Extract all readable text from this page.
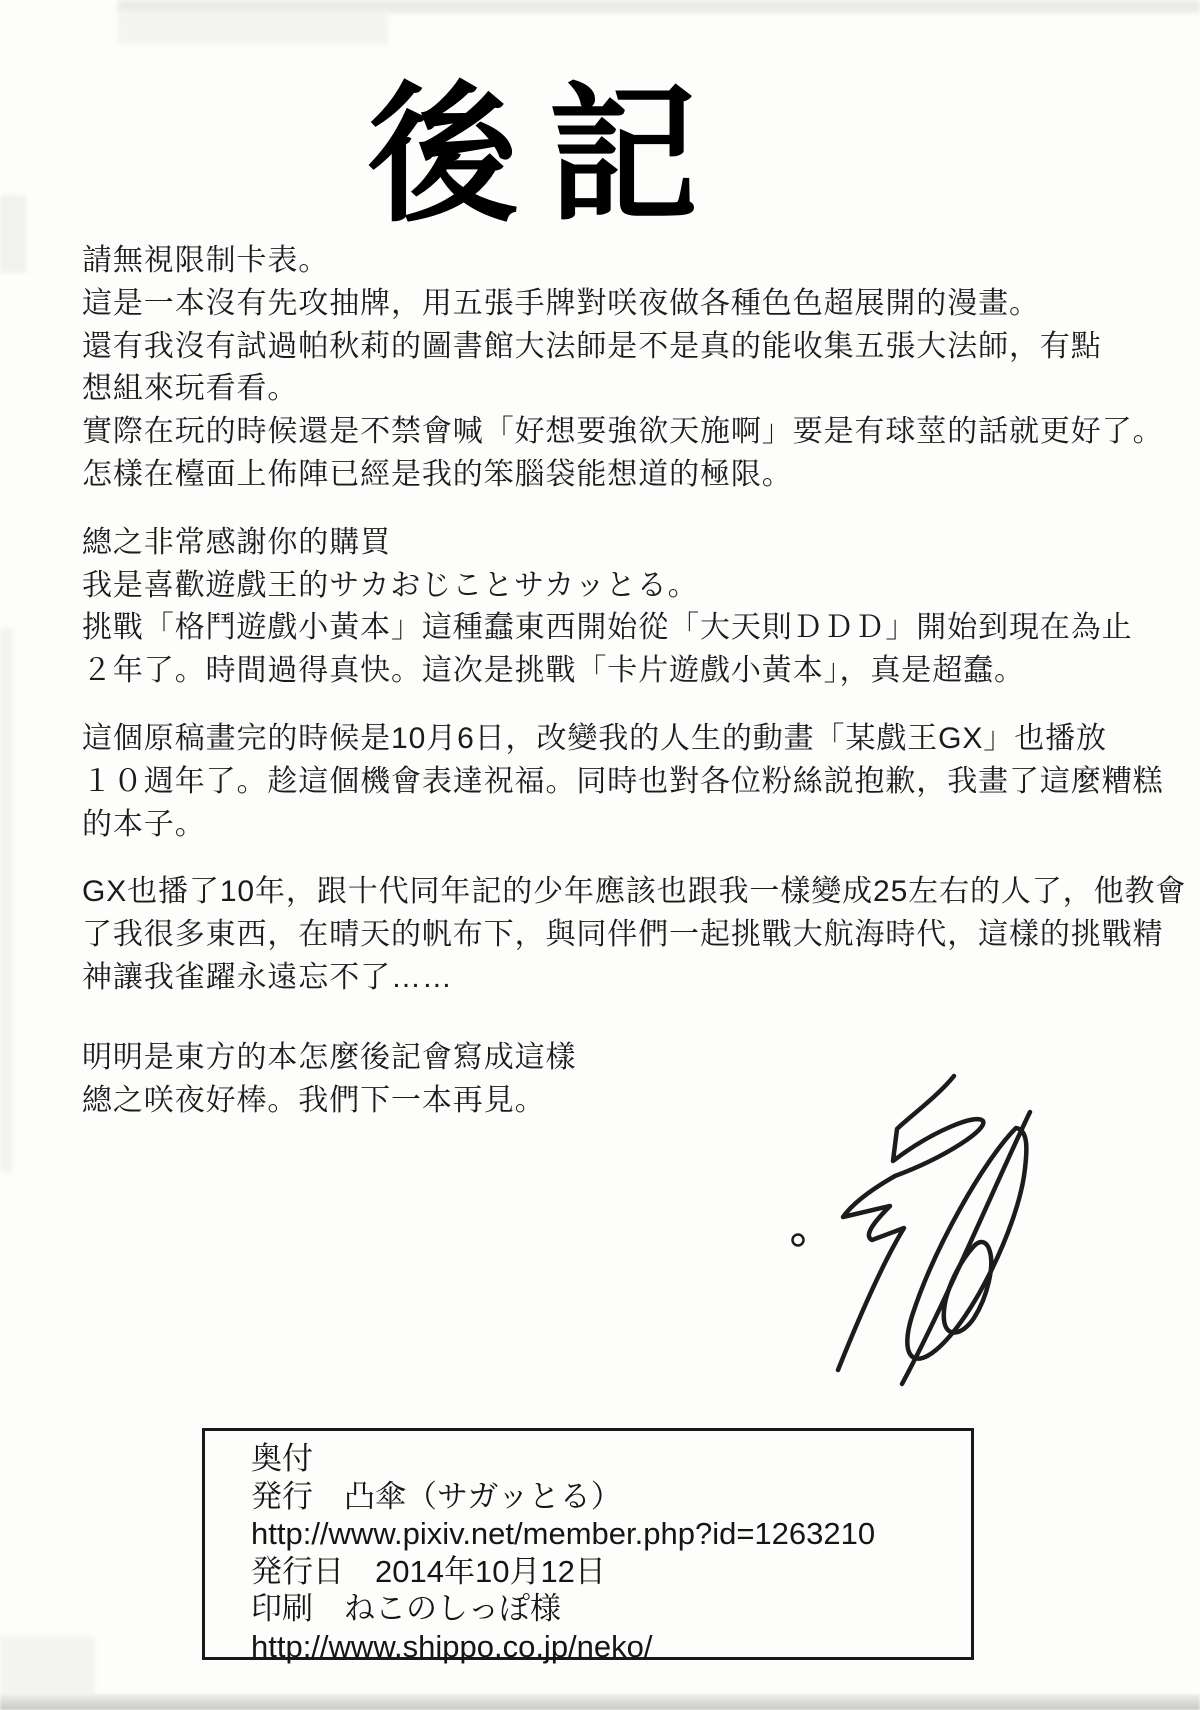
後記
請無視限制卡表。
這是一本沒有先攻抽牌，用五張手牌對咲夜做各種色色超展開的漫畫。
還有我沒有試過帕秋莉的圖書館大法師是不是真的能收集五張大法師，有點
想組來玩看看。
實際在玩的時候還是不禁會喊「好想要強欲天施啊」要是有球莖的話就更好了。
怎樣在檯面上佈陣已經是我的笨腦袋能想道的極限。
總之非常感謝你的購買
我是喜歡遊戲王的サカおじことサカッとる。
挑戰「格鬥遊戲小黃本」這種蠢東西開始從「大天則ＤＤＤ」開始到現在為止
２年了。時間過得真快。這次是挑戰「卡片遊戲小黃本」，真是超蠢。
這個原稿畫完的時候是10月6日，改變我的人生的動畫「某戲王GX」也播放
１０週年了。趁這個機會表達祝福。同時也對各位粉絲説抱歉，我畫了這麼糟糕
的本子。
GX也播了10年，跟十代同年記的少年應該也跟我一樣變成25左右的人了，他教會
了我很多東西，在晴天的帆布下，與同伴們一起挑戰大航海時代，這樣的挑戰精
神讓我雀躍永遠忘不了……
明明是東方的本怎麼後記會寫成這樣
總之咲夜好棒。我們下一本再見。
奥付
発行　凸傘（サガッとる）
http://www.pixiv.net/member.php?id=1263210
発行日　2014年10月12日
印刷　ねこのしっぽ様
http://www.shippo.co.jp/neko/
